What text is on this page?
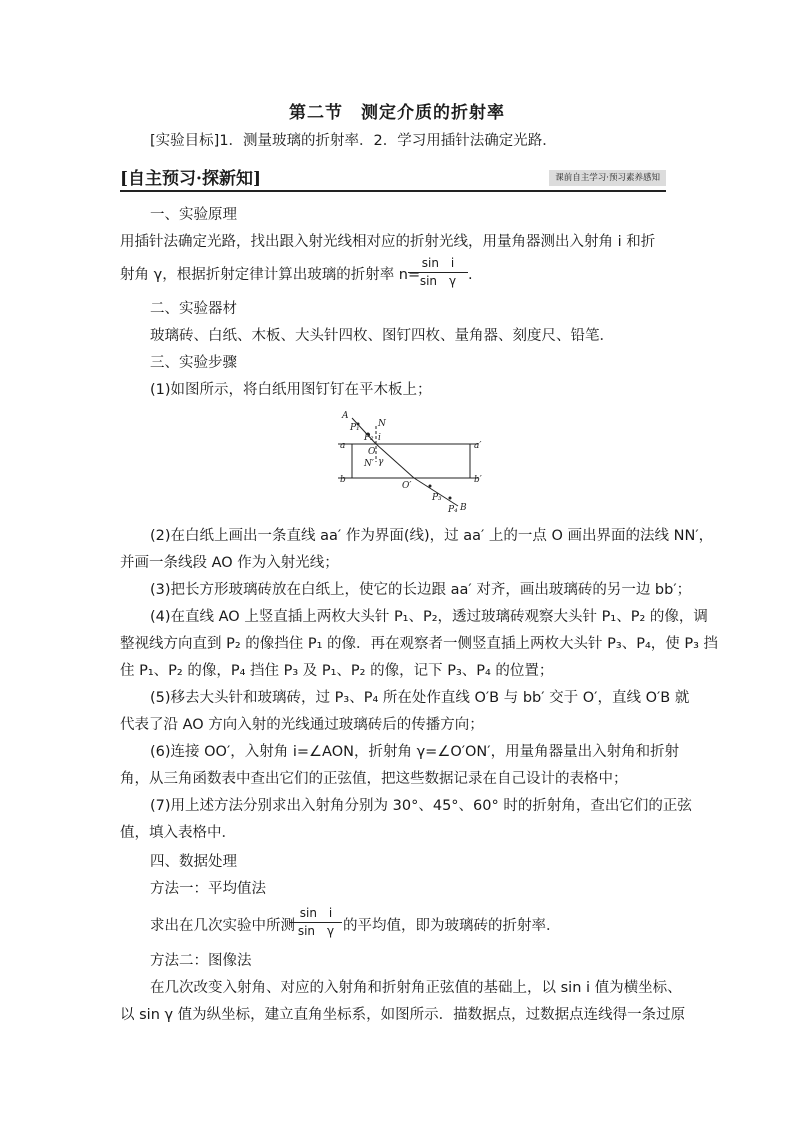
第二节　测定介质的折射率
[实验目标]1．测量玻璃的折射率．2．学习用插针法确定光路．
[自主预习·探新知]	课前自主学习·预习素养感知
一、实验原理
用插针法确定光路，找出跟入射光线相对应的折射光线，用量角器测出入射角 i 和折
射角 γ，根据折射定律计算出玻璃的折射率 n=
sin　i
sin　γ .
二、实验器材
玻璃砖、白纸、木板、大头针四枚、图钉四枚、量角器、刻度尺、铅笔．
三、实验步骤
(1)如图所示，将白纸用图钉钉在平木板上；
A
P₁
P₂
N
i
a	a′
O
γ
N′
b
O′
b′
P₃
P₄ B
(2)在白纸上画出一条直线 aa′ 作为界面(线)，过 aa′ 上的一点 O 画出界面的法线 NN′，
并画一条线段 AO 作为入射光线；
(3)把长方形玻璃砖放在白纸上，使它的长边跟 aa′ 对齐，画出玻璃砖的另一边 bb′；
(4)在直线 AO 上竖直插上两枚大头针 P₁、P₂，透过玻璃砖观察大头针 P₁、P₂ 的像，调
整视线方向直到 P₂ 的像挡住 P₁ 的像．再在观察者一侧竖直插上两枚大头针 P₃、P₄，使 P₃ 挡
住 P₁、P₂ 的像，P₄ 挡住 P₃ 及 P₁、P₂ 的像，记下 P₃、P₄ 的位置；
(5)移去大头针和玻璃砖，过 P₃、P₄ 所在处作直线 O′B 与 bb′ 交于 O′，直线 O′B 就
代表了沿 AO 方向入射的光线通过玻璃砖后的传播方向；
(6)连接 OO′，入射角 i=∠AON，折射角 γ=∠O′ON′，用量角器量出入射角和折射
角，从三角函数表中查出它们的正弦值，把这些数据记录在自己设计的表格中；
(7)用上述方法分别求出入射角分别为 30°、45°、60° 时的折射角，查出它们的正弦
值，填入表格中．
四、数据处理
方法一：平均值法
求出在几次实验中所测
sin　i
sin　γ 的平均值，即为玻璃砖的折射率．
方法二：图像法
在几次改变入射角、对应的入射角和折射角正弦值的基础上，以 sin i 值为横坐标、
以 sin γ 值为纵坐标，建立直角坐标系，如图所示．描数据点，过数据点连线得一条过原
